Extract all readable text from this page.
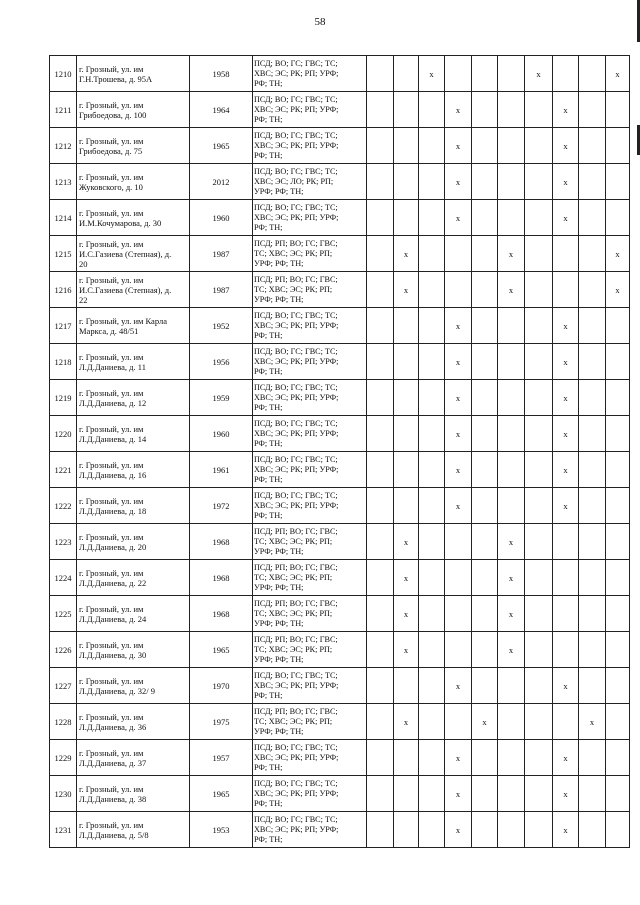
58
1210	г. Грозный, ул. им
Г.Н.Трошева, д. 95А	1958	ПСД; ВО; ГС; ГВС; ТС;
ХВС; ЭС; РК; РП; УРФ;
РФ; ТН;			x				x			x
1211	г. Грозный, ул. им
Грибоедова, д. 100	1964	ПСД; ВО; ГС; ГВС; ТС;
ХВС; ЭС; РК; РП; УРФ;
РФ; ТН;				x				x		
1212	г. Грозный, ул. им
Грибоедова, д. 75	1965	ПСД; ВО; ГС; ГВС; ТС;
ХВС; ЭС; РК; РП; УРФ;
РФ; ТН;				x				x		
1213	г. Грозный, ул. им
Жуковского, д. 10	2012	ПСД; ВО; ГС; ГВС; ТС;
ХВС; ЭС; ЛО; РК; РП;
УРФ; РФ; ТН;				x				x		
1214	г. Грозный, ул. им
И.М.Кочумарова, д. 30	1960	ПСД; ВО; ГС; ГВС; ТС;
ХВС; ЭС; РК; РП; УРФ;
РФ; ТН;				x				x		
1215	г. Грозный, ул. им
И.С.Газиева (Степная), д.
20	1987	ПСД; РП; ВО; ГС; ГВС;
ТС; ХВС; ЭС; РК; РП;
УРФ; РФ; ТН;		x				x				x
1216	г. Грозный, ул. им
И.С.Газиева (Степная), д.
22	1987	ПСД; РП; ВО; ГС; ГВС;
ТС; ХВС; ЭС; РК; РП;
УРФ; РФ; ТН;		x				x				x
1217	г. Грозный, ул. им Карла
Маркса, д. 48/51	1952	ПСД; ВО; ГС; ГВС; ТС;
ХВС; ЭС; РК; РП; УРФ;
РФ; ТН;				x				x		
1218	г. Грозный, ул. им
Л.Д.Даниева, д. 11	1956	ПСД; ВО; ГС; ГВС; ТС;
ХВС; ЭС; РК; РП; УРФ;
РФ; ТН;				x				x		
1219	г. Грозный, ул. им
Л.Д.Даниева, д. 12	1959	ПСД; ВО; ГС; ГВС; ТС;
ХВС; ЭС; РК; РП; УРФ;
РФ; ТН;				x				x		
1220	г. Грозный, ул. им
Л.Д.Даниева, д. 14	1960	ПСД; ВО; ГС; ГВС; ТС;
ХВС; ЭС; РК; РП; УРФ;
РФ; ТН;				x				x		
1221	г. Грозный, ул. им
Л.Д.Даниева, д. 16	1961	ПСД; ВО; ГС; ГВС; ТС;
ХВС; ЭС; РК; РП; УРФ;
РФ; ТН;				x				x		
1222	г. Грозный, ул. им
Л.Д.Даниева, д. 18	1972	ПСД; ВО; ГС; ГВС; ТС;
ХВС; ЭС; РК; РП; УРФ;
РФ; ТН;				x				x		
1223	г. Грозный, ул. им
Л.Д.Даниева, д. 20	1968	ПСД; РП; ВО; ГС; ГВС;
ТС; ХВС; ЭС; РК; РП;
УРФ; РФ; ТН;		x				x				
1224	г. Грозный, ул. им
Л.Д.Даниева, д. 22	1968	ПСД; РП; ВО; ГС; ГВС;
ТС; ХВС; ЭС; РК; РП;
УРФ; РФ; ТН;		x				x				
1225	г. Грозный, ул. им
Л.Д.Даниева, д. 24	1968	ПСД; РП; ВО; ГС; ГВС;
ТС; ХВС; ЭС; РК; РП;
УРФ; РФ; ТН;		x				x				
1226	г. Грозный, ул. им
Л.Д.Даниева, д. 30	1965	ПСД; РП; ВО; ГС; ГВС;
ТС; ХВС; ЭС; РК; РП;
УРФ; РФ; ТН;		x				x				
1227	г. Грозный, ул. им
Л.Д.Даниева, д. 32/ 9	1970	ПСД; ВО; ГС; ГВС; ТС;
ХВС; ЭС; РК; РП; УРФ;
РФ; ТН;				x				x		
1228	г. Грозный, ул. им
Л.Д.Даниева, д. 36	1975	ПСД; РП; ВО; ГС; ГВС;
ТС; ХВС; ЭС; РК; РП;
УРФ; РФ; ТН;		x			x				x	
1229	г. Грозный, ул. им
Л.Д.Даниева, д. 37	1957	ПСД; ВО; ГС; ГВС; ТС;
ХВС; ЭС; РК; РП; УРФ;
РФ; ТН;				x				x		
1230	г. Грозный, ул. им
Л.Д.Даниева, д. 38	1965	ПСД; ВО; ГС; ГВС; ТС;
ХВС; ЭС; РК; РП; УРФ;
РФ; ТН;				x				x		
1231	г. Грозный, ул. им
Л.Д.Даниева, д. 5/8	1953	ПСД; ВО; ГС; ГВС; ТС;
ХВС; ЭС; РК; РП; УРФ;
РФ; ТН;				x				x		
